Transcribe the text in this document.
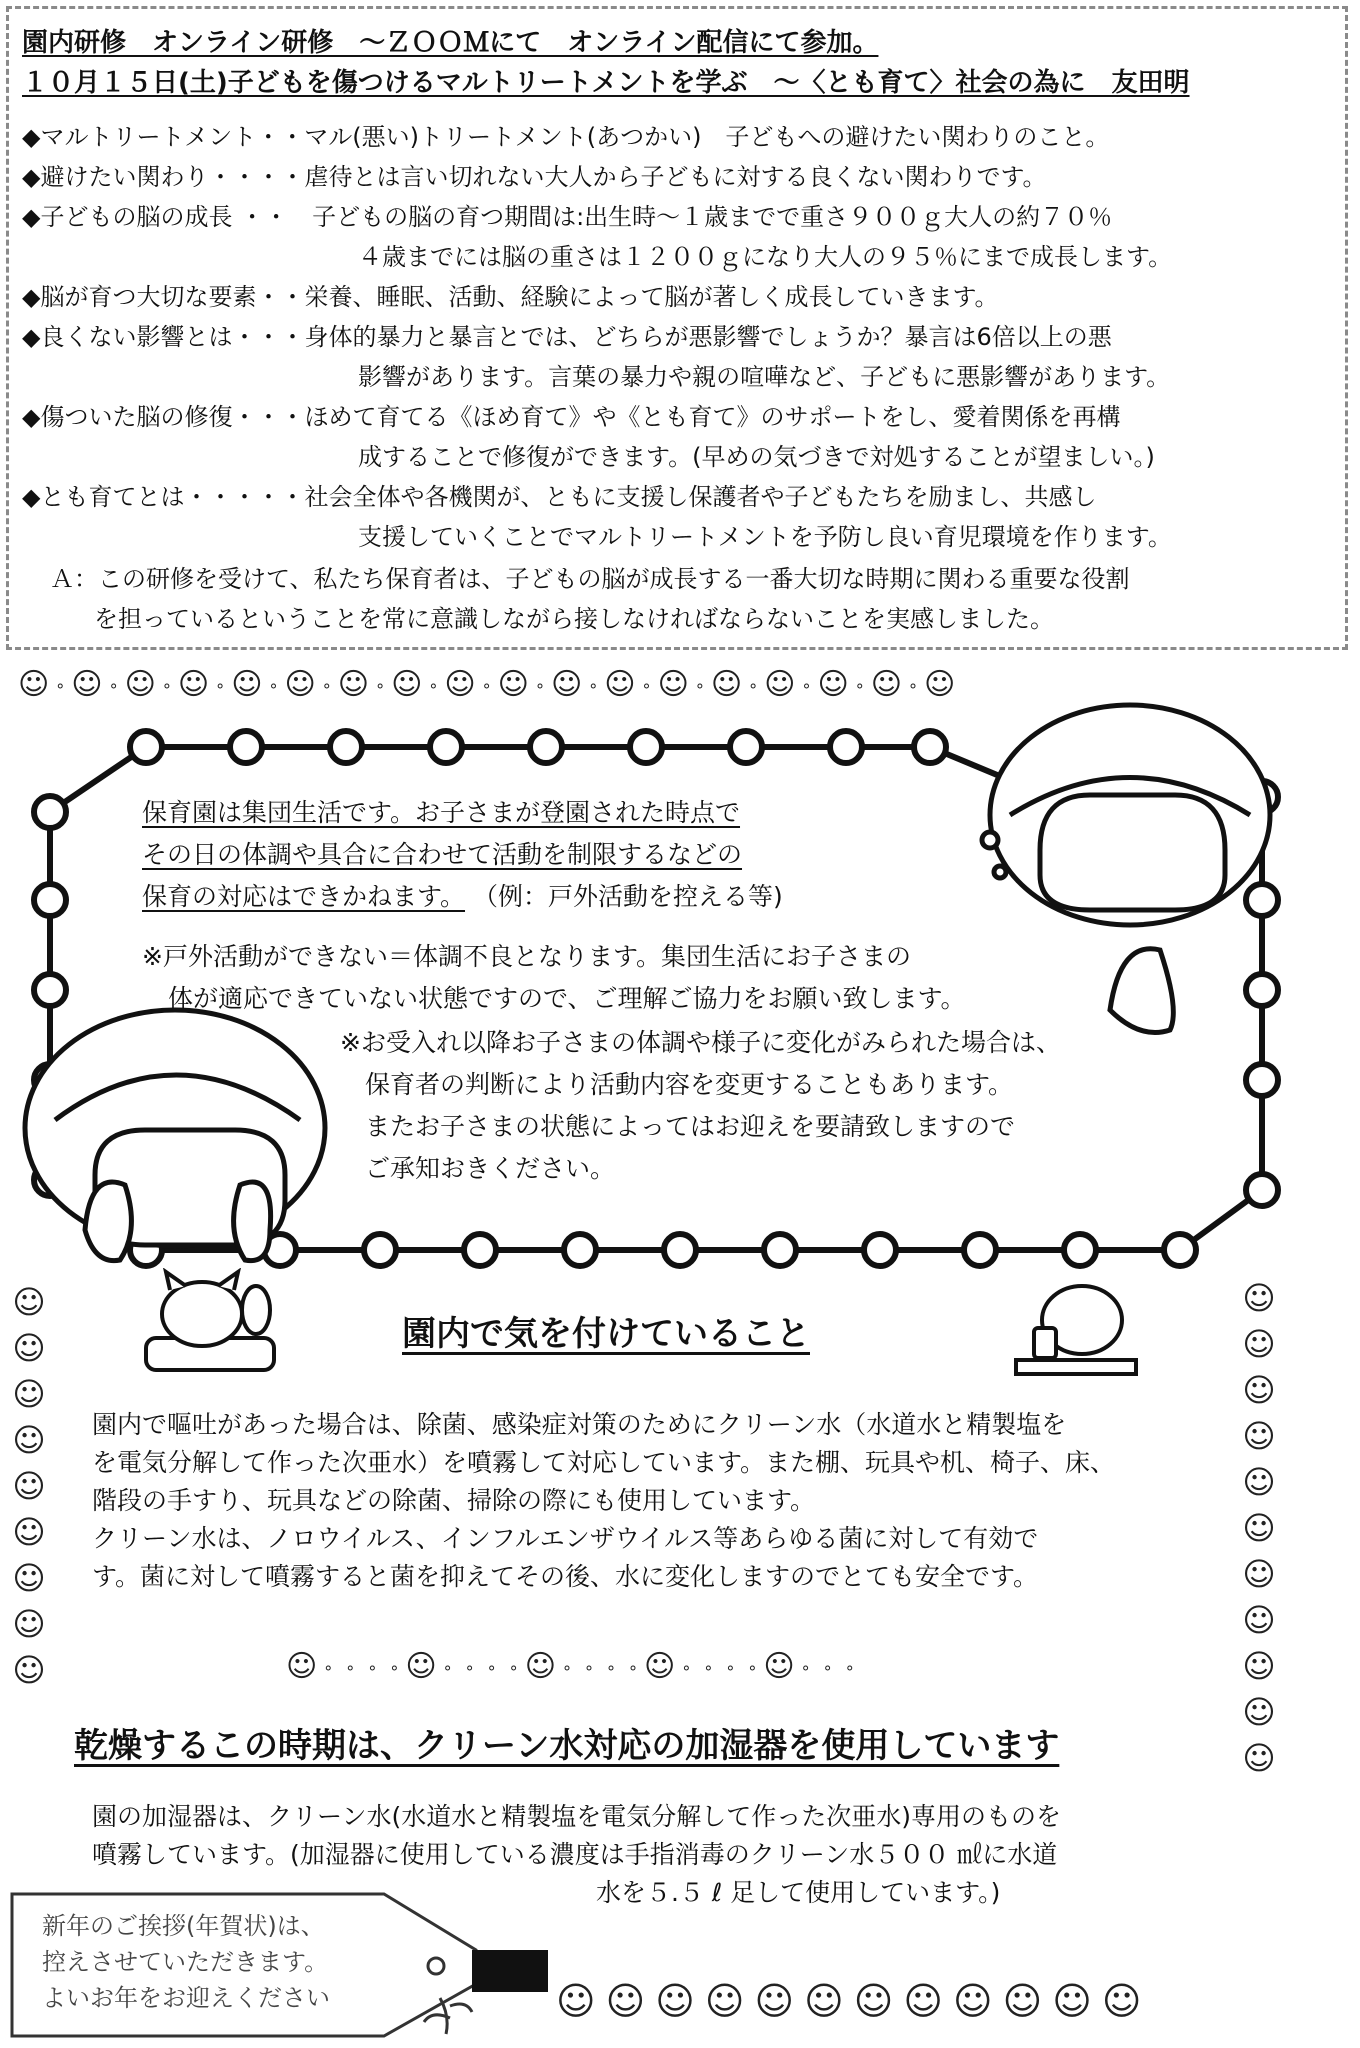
園内研修　オンライン研修　～ＺＯＯＭにて　オンライン配信にて参加。
１０月１５日(土)子どもを傷つけるマルトリートメントを学ぶ　～〈とも育て〉社会の為に　友田明
◆マルトリートメント・・マル(悪い)トリートメント(あつかい)　子どもへの避けたい関わりのこと。
◆避けたい関わり・・・・虐待とは言い切れない大人から子どもに対する良くない関わりです。
◆子どもの脳の成長 ・・　子どもの脳の育つ期間は:出生時～１歳までで重さ９００ｇ大人の約７０％
４歳までには脳の重さは１２００ｇになり大人の９５％にまで成長します。
◆脳が育つ大切な要素・・栄養、睡眠、活動、経験によって脳が著しく成長していきます。
◆良くない影響とは・・・身体的暴力と暴言とでは、どちらが悪影響でしょうか？暴言は6倍以上の悪
影響があります。言葉の暴力や親の喧嘩など、子どもに悪影響があります。
◆傷ついた脳の修復・・・ほめて育てる《ほめ育て》や《とも育て》のサポートをし、愛着関係を再構
成することで修復ができます。(早めの気づきで対処することが望ましい。)
◆とも育てとは・・・・・社会全体や各機関が、ともに支援し保護者や子どもたちを励まし、共感し
支援していくことでマルトリートメントを予防し良い育児環境を作ります。
Ａ：この研修を受けて、私たち保育者は、子どもの脳が成長する一番大切な時期に関わる重要な役割
を担っているということを常に意識しながら接しなければならないことを実感しました。
☺ ∘ ☺ ∘ ☺ ∘ ☺ ∘ ☺ ∘ ☺ ∘ ☺ ∘ ☺ ∘ ☺ ∘ ☺ ∘ ☺ ∘ ☺ ∘ ☺ ∘ ☺ ∘ ☺ ∘ ☺ ∘ ☺ ∘ ☺
保育園は集団生活です。お子さまが登園された時点で
その日の体調や具合に合わせて活動を制限するなどの
保育の対応はできかねます。 （例：戸外活動を控える等)
※戸外活動ができない＝体調不良となります。集団生活にお子さまの
体が適応できていない状態ですので、ご理解ご協力をお願い致します。
※お受入れ以降お子さまの体調や様子に変化がみられた場合は、
保育者の判断により活動内容を変更することもあります。
またお子さまの状態によってはお迎えを要請致しますので
ご承知おきください。
園内で気を付けていること
園内で嘔吐があった場合は、除菌、感染症対策のためにクリーン水（水道水と精製塩を
を電気分解して作った次亜水）を噴霧して対応しています。また棚、玩具や机、椅子、床、
階段の手すり、玩具などの除菌、掃除の際にも使用しています。
クリーン水は、ノロウイルス、インフルエンザウイルス等あらゆる菌に対して有効で
す。菌に対して噴霧すると菌を抑えてその後、水に変化しますのでとても安全です。
☺
☺
☺
☺
☺
☺
☺
☺
☺
☺
☺
☺
☺
☺
☺
☺
☺
☺
☺
☺
☺ ∘ ∘ ∘ ∘ ☺ ∘ ∘ ∘ ∘ ☺ ∘ ∘ ∘ ∘ ☺ ∘ ∘ ∘ ∘ ☺ ∘ ∘ ∘
乾燥するこの時期は、クリーン水対応の加湿器を使用しています
園の加湿器は、クリーン水(水道水と精製塩を電気分解して作った次亜水)専用のものを
噴霧しています。(加湿器に使用している濃度は手指消毒のクリーン水５００ ㎖に水道
水を５.５ ℓ 足して使用しています。)
新年のご挨拶(年賀状)は、
控えさせていただきます。
よいお年をお迎えください	☺ ☺ ☺ ☺ ☺ ☺ ☺ ☺ ☺ ☺ ☺ ☺
